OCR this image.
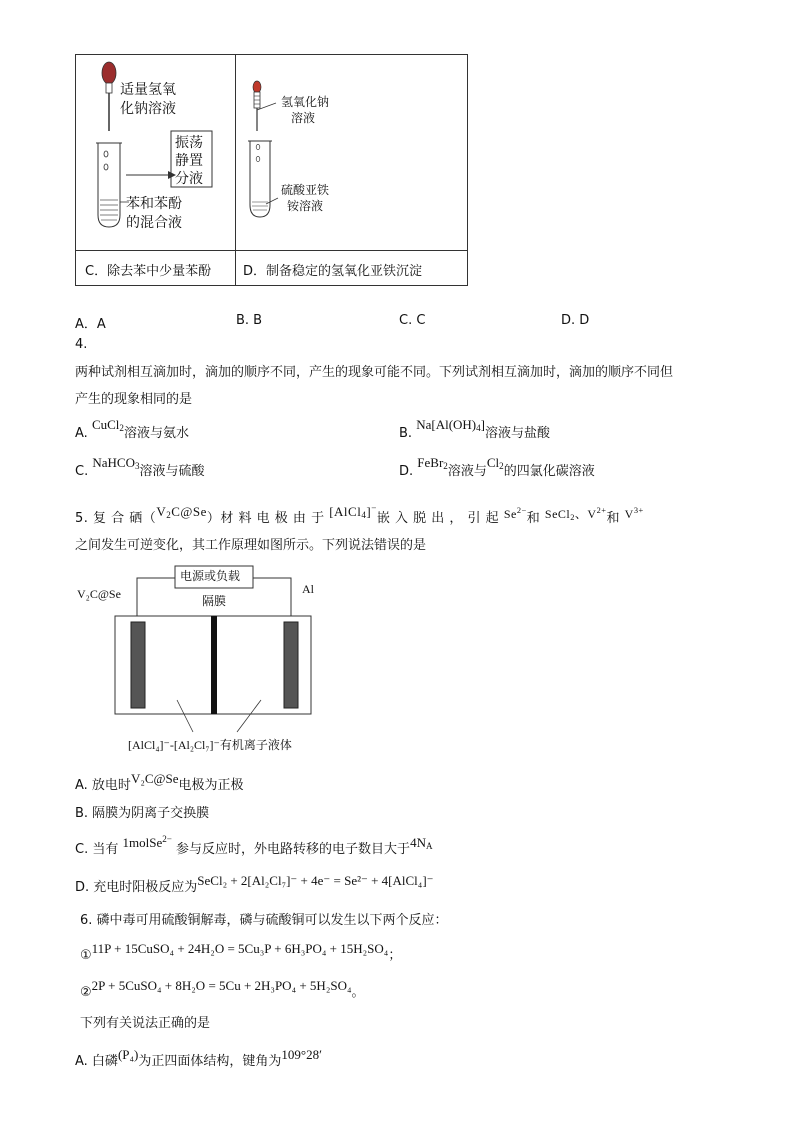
适量氢氧
化钠溶液
振荡
静置
分液
苯和苯酚
的混合液
氢氧化钠
溶液
硫酸亚铁
铵溶液
C．除去苯中少量苯酚 D．制备稳定的氢氧化亚铁沉淀
A．A	B. B	C. C	D. D
4.
两种试剂相互滴加时，滴加的顺序不同，产生的现象可能不同。下列试剂相互滴加时，滴加的顺序不同但
产生的现象相同的是
A. CuCl$_2$溶液与氨水	B. $Na[Al(OH)_4]$溶液与盐酸
C. NaHCO$_3$溶液与硫酸	D. FeBr$_2$溶液与$Cl_2$的四氯化碳溶液
5. 复 合 硒$(V_2C@Se)$材 料 电 极 由 于 [AlCl$_4$]−嵌 入 脱 出 ， 引 起 $Se^{2-}$和 SeCl$_2$、$V^{2+}$和 $V^{3+}$
之间发生可逆变化，其工作原理如图所示。下列说法错误的是
电源或负载
隔膜
V₂C@Se	Al
[AlCl₄]⁻-[Al₂Cl₇]⁻有机离子液体
A. 放电时V₂C@Se电极为正极
B. 隔膜为阴离子交换膜
C. 当有 1molSe$^{2-}$ 参与反应时，外电路转移的电子数目大于$4N_A$
D. 充电时阳极反应为SeCl₂ + 2[Al₂Cl₇]⁻ + 4e⁻ = Se²⁻ + 4[AlCl₄]⁻
6. 磷中毒可用硫酸铜解毒，磷与硫酸铜可以发生以下两个反应：
①11P + 15CuSO₄ + 24H₂O = 5Cu₃P + 6H₃PO₄ + 15H₂SO₄；
②2P + 5CuSO₄ + 8H₂O = 5Cu + 2H₃PO₄ + 5H₂SO₄。
下列有关说法正确的是
A. 白磷(P₄)为正四面体结构，键角为109°28′
